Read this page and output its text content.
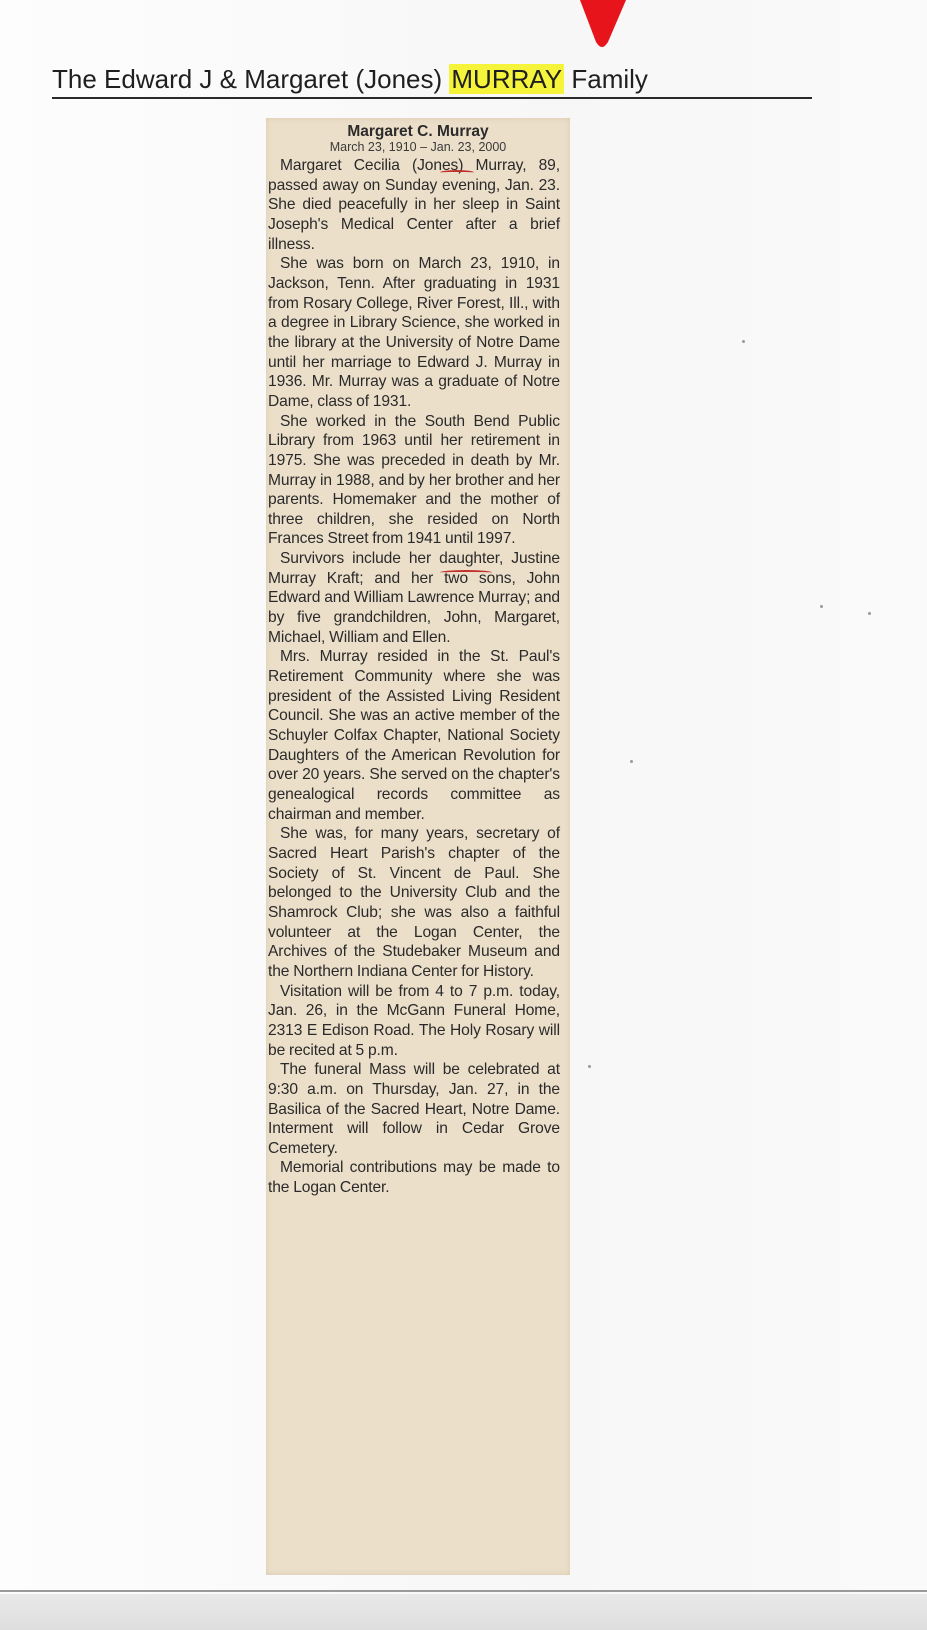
The Edward J & Margaret (Jones) MURRAY Family

Margaret C. Murray

March 23, 1910 – Jan. 23, 2000

Margaret Cecilia (Jones) Murray, 89, passed away on Sunday evening, Jan. 23. She died peacefully in her sleep in Saint Joseph's Medical Center after a brief illness.

She was born on March 23, 1910, in Jackson, Tenn. After graduating in 1931 from Rosary College, River Forest, Ill., with a degree in Library Science, she worked in the library at the University of Notre Dame until her marriage to Edward J. Murray in 1936. Mr. Murray was a graduate of Notre Dame, class of 1931.

She worked in the South Bend Public Library from 1963 until her retirement in 1975. She was preceded in death by Mr. Murray in 1988, and by her brother and her parents. Homemaker and the mother of three children, she resided on North Frances Street from 1941 until 1997.

Survivors include her daughter, Justine Murray Kraft; and her two sons, John Edward and William Lawrence Murray; and by five grandchildren, John, Margaret, Michael, William and Ellen.

Mrs. Murray resided in the St. Paul's Retirement Community where she was president of the Assisted Living Resident Council. She was an active member of the Schuyler Colfax Chapter, National Society Daughters of the American Revolution for over 20 years. She served on the chapter's genealogical records committee as chairman and member.

She was, for many years, secretary of Sacred Heart Parish's chapter of the Society of St. Vincent de Paul. She belonged to the University Club and the Shamrock Club; she was also a faithful volunteer at the Logan Center, the Archives of the Studebaker Museum and the Northern Indiana Center for History.

Visitation will be from 4 to 7 p.m. today, Jan. 26, in the McGann Funeral Home, 2313 E Edison Road. The Holy Rosary will be recited at 5 p.m.

The funeral Mass will be celebrated at 9:30 a.m. on Thursday, Jan. 27, in the Basilica of the Sacred Heart, Notre Dame. Interment will follow in Cedar Grove Cemetery.

Memorial contributions may be made to the Logan Center.
